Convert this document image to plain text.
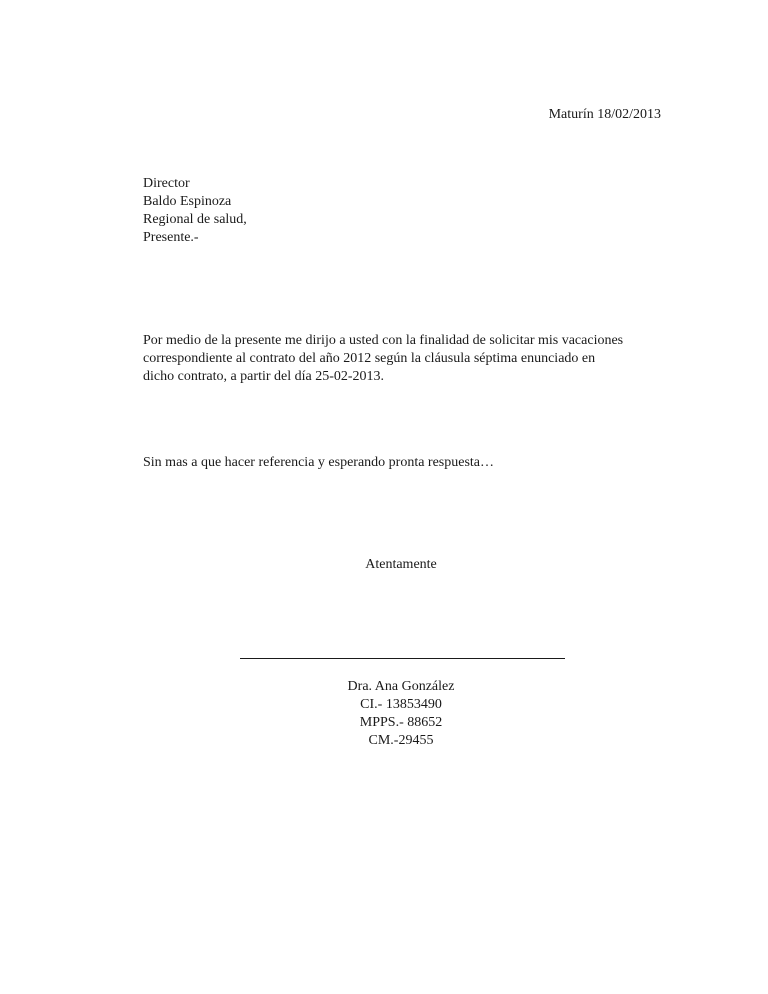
Maturín 18/02/2013
Director
Baldo Espinoza
Regional de salud,
Presente.-
Por medio de la presente me dirijo a usted con la finalidad de solicitar mis vacaciones
correspondiente al contrato del año 2012 según la cláusula séptima enunciado en
dicho contrato, a partir del día 25-02-2013.
Sin mas a que hacer referencia y esperando pronta respuesta…
Atentamente
Dra. Ana González
CI.- 13853490
MPPS.- 88652
CM.-29455
